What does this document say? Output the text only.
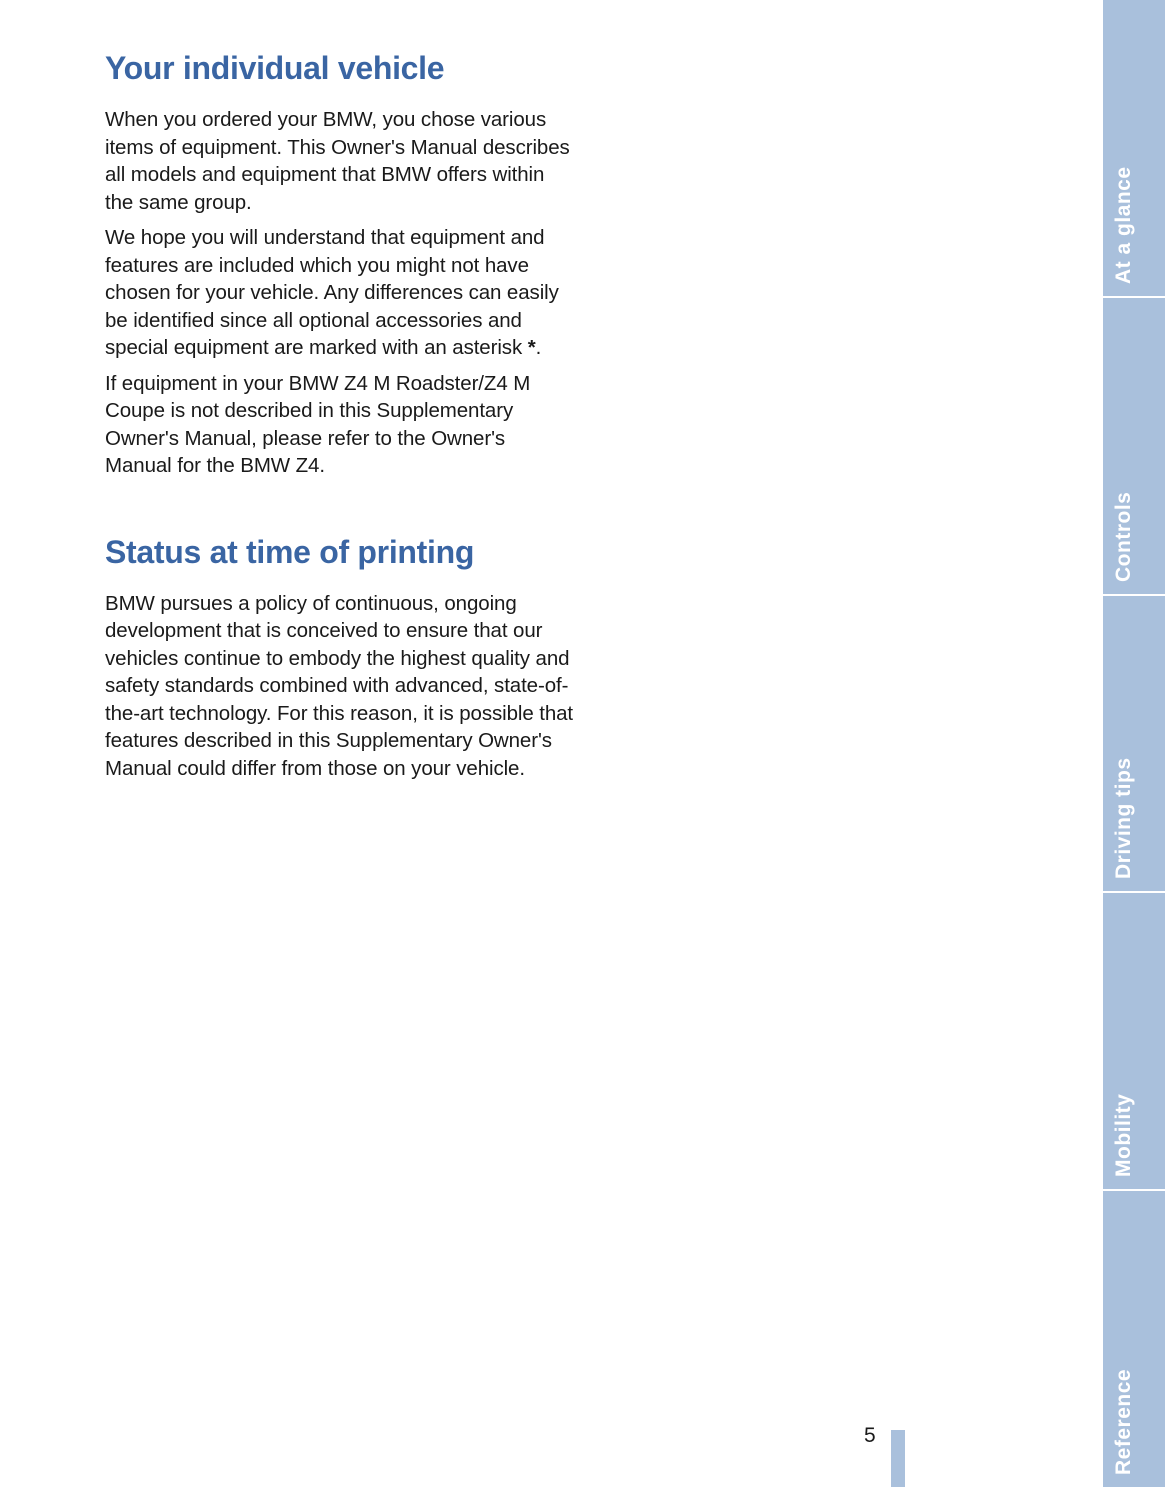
Your individual vehicle

When you ordered your BMW, you chose various items of equipment. This Owner's Manual describes all models and equipment that BMW offers within the same group.

We hope you will understand that equipment and features are included which you might not have chosen for your vehicle. Any differences can easily be identified since all optional accessories and special equipment are marked with an asterisk *.

If equipment in your BMW Z4 M Roadster/Z4 M Coupe is not described in this Supplementary Owner's Manual, please refer to the Owner's Manual for the BMW Z4.

Status at time of printing

BMW pursues a policy of continuous, ongoing development that is conceived to ensure that our vehicles continue to embody the highest quality and safety standards combined with advanced, state-of-the-art technology. For this reason, it is possible that features described in this Supplementary Owner's Manual could differ from those on your vehicle.

At a glance
Controls
Driving tips
Mobility
Reference
5
